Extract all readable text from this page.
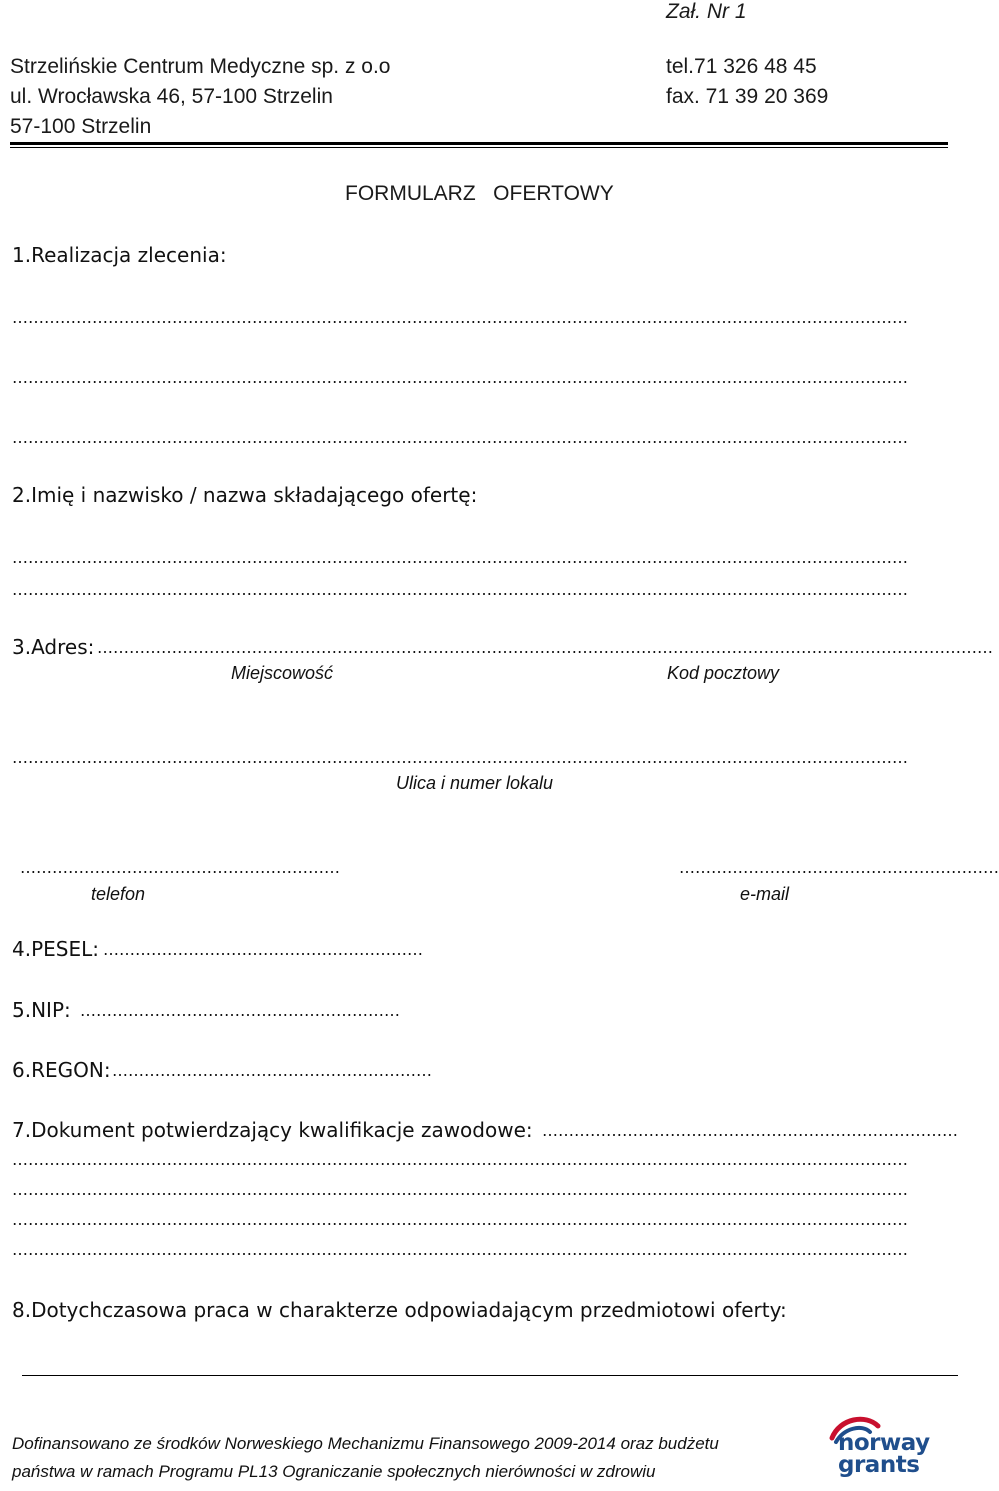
Zał. Nr 1
Strzelińskie Centrum Medyczne sp. z o.o
ul. Wrocławska 46, 57-100 Strzelin
57-100 Strzelin
tel.71 326 48 45
fax. 71 39 20 369
FORMULARZ   OFERTOWY
1.Realizacja zlecenia:
……………………………………………………………………………………………………………………………………………………
……………………………………………………………………………………………………………………………………………………
……………………………………………………………………………………………………………………………………………………
2.Imię i nazwisko / nazwa składającego ofertę:
……………………………………………………………………………………………………………………………………………………
……………………………………………………………………………………………………………………………………………………
3.Adres: ……………………………………………………………………………………………………………………………………………………
Miejscowość	Kod pocztowy
……………………………………………………………………………………………………………………………………………………
Ulica i numer lokalu
……………………………………………………	……………………………………………………
telefon	e-mail
4.PESEL: ……………………………………………………
5.NIP: ……………………………………………………
6.REGON: ……………………………………………………
7.Dokument potwierdzający kwalifikacje zawodowe: ……………………………………………………………………
……………………………………………………………………………………………………………………………………………………
……………………………………………………………………………………………………………………………………………………
……………………………………………………………………………………………………………………………………………………
……………………………………………………………………………………………………………………………………………………
8.Dotychczasowa praca w charakterze odpowiadającym przedmiotowi oferty:
Dofinansowano ze środków Norweskiego Mechanizmu Finansowego 2009-2014 oraz budżetu
państwa w ramach Programu PL13 Ograniczanie społecznych nierówności w zdrowiu
norway
grants
